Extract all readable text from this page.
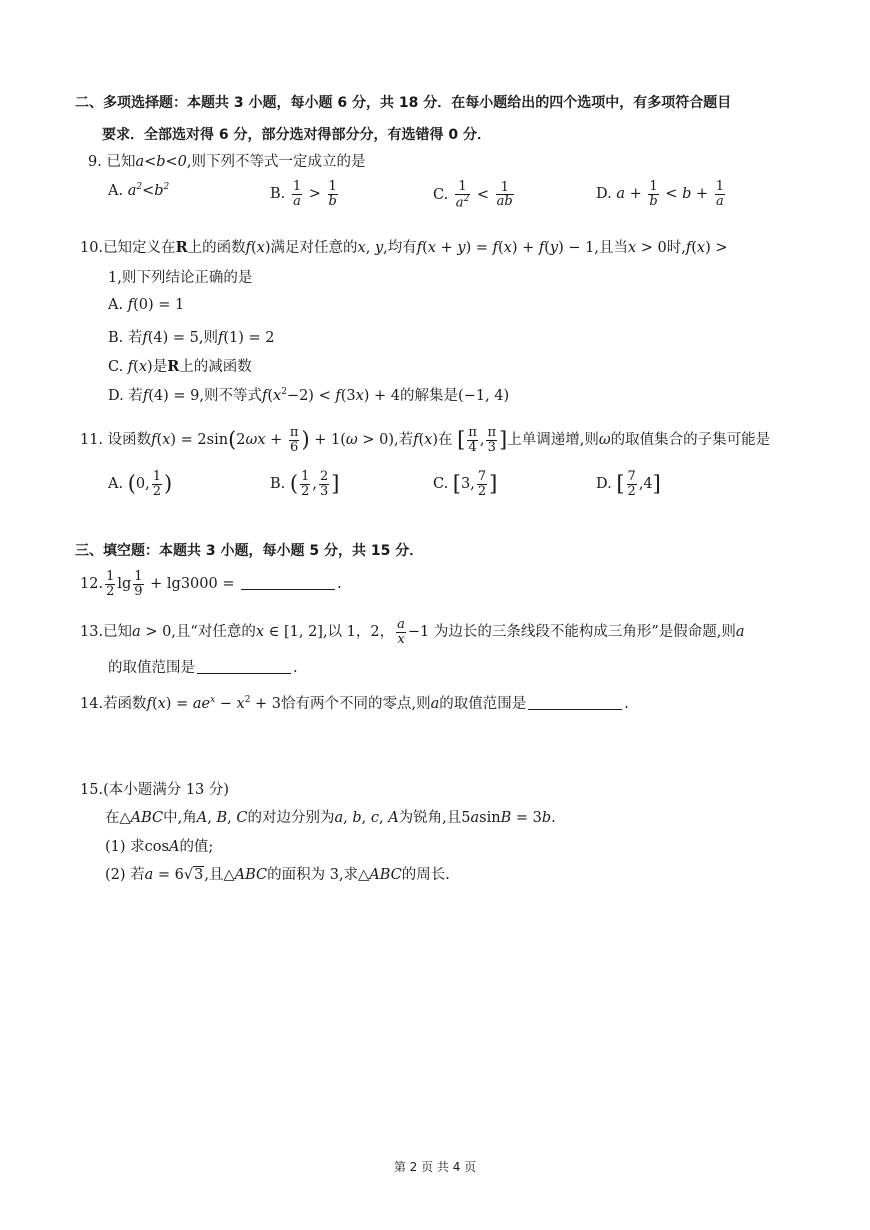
二、多项选择题：本题共 3 小题，每小题 6 分，共 18 分．在每小题给出的四个选项中，有多项符合题目
要求．全部选对得 6 分，部分选对得部分分，有选错得 0 分．
9. 已知a<b<0,则下列不等式一定成立的是
A. $a^2<b^2$	B. $\frac{1}{a} > \frac{1}{b}$	C. $\frac{1}{a^2} < \frac{1}{ab}$	D. $a + \frac{1}{b} < b + \frac{1}{a}$
10.已知定义在R上的函数f(x)满足对任意的x, y,均有f(x + y) = f(x) + f(y) − 1,且当x > 0时,f(x) >
1,则下列结论正确的是
A. f(0) = 1
B. 若f(4) = 5,则f(1) = 2
C. f(x)是R上的减函数
D. 若f(4) = 9,则不等式$f(x^2-2) < f(3x) + 4$的解集是(−1, 4)
11. 设函数$f(x) = 2\sin(2\omega x + \frac{\pi}{6}$ ) + 1(ω > 0),若f(x)在 [ $\frac{\pi}{4}$ , $\frac{\pi}{3}$ ]上单调递增,则ω的取值集合的子集可能是
A. (0, $\frac{1}{2}$ )	B. ( $\frac{1}{2}$ , $\frac{2}{3}$ ]	C. [3, $\frac{7}{2}$ ]	D. [ $\frac{7}{2} ,4$]
三、填空题：本题共 3 小题，每小题 5 分，共 15 分．
12. $\frac{1}{2}$ $\lg \frac{1}{9} + \lg 3000$ =	.
13.已知a > 0,且“对任意的x ∈ [1, 2],以 1，2， $\frac{a}{x} -1$ 为边长的三条线段不能构成三角形”是假命题,则a
的取值范围是	.
14.若函数$f(x) = ae^x - x^2 + 3$恰有两个不同的零点,则a的取值范围是	.
15.(本小题满分 13 分)
在△ABC中,角A, B, C的对边分别为a, b, c, A为锐角,且5asinB = 3b.
(1) 求cosA的值;
(2) 若a = 6√3,且△ABC的面积为 3,求△ABC的周长.
第 2 页 共 4 页
